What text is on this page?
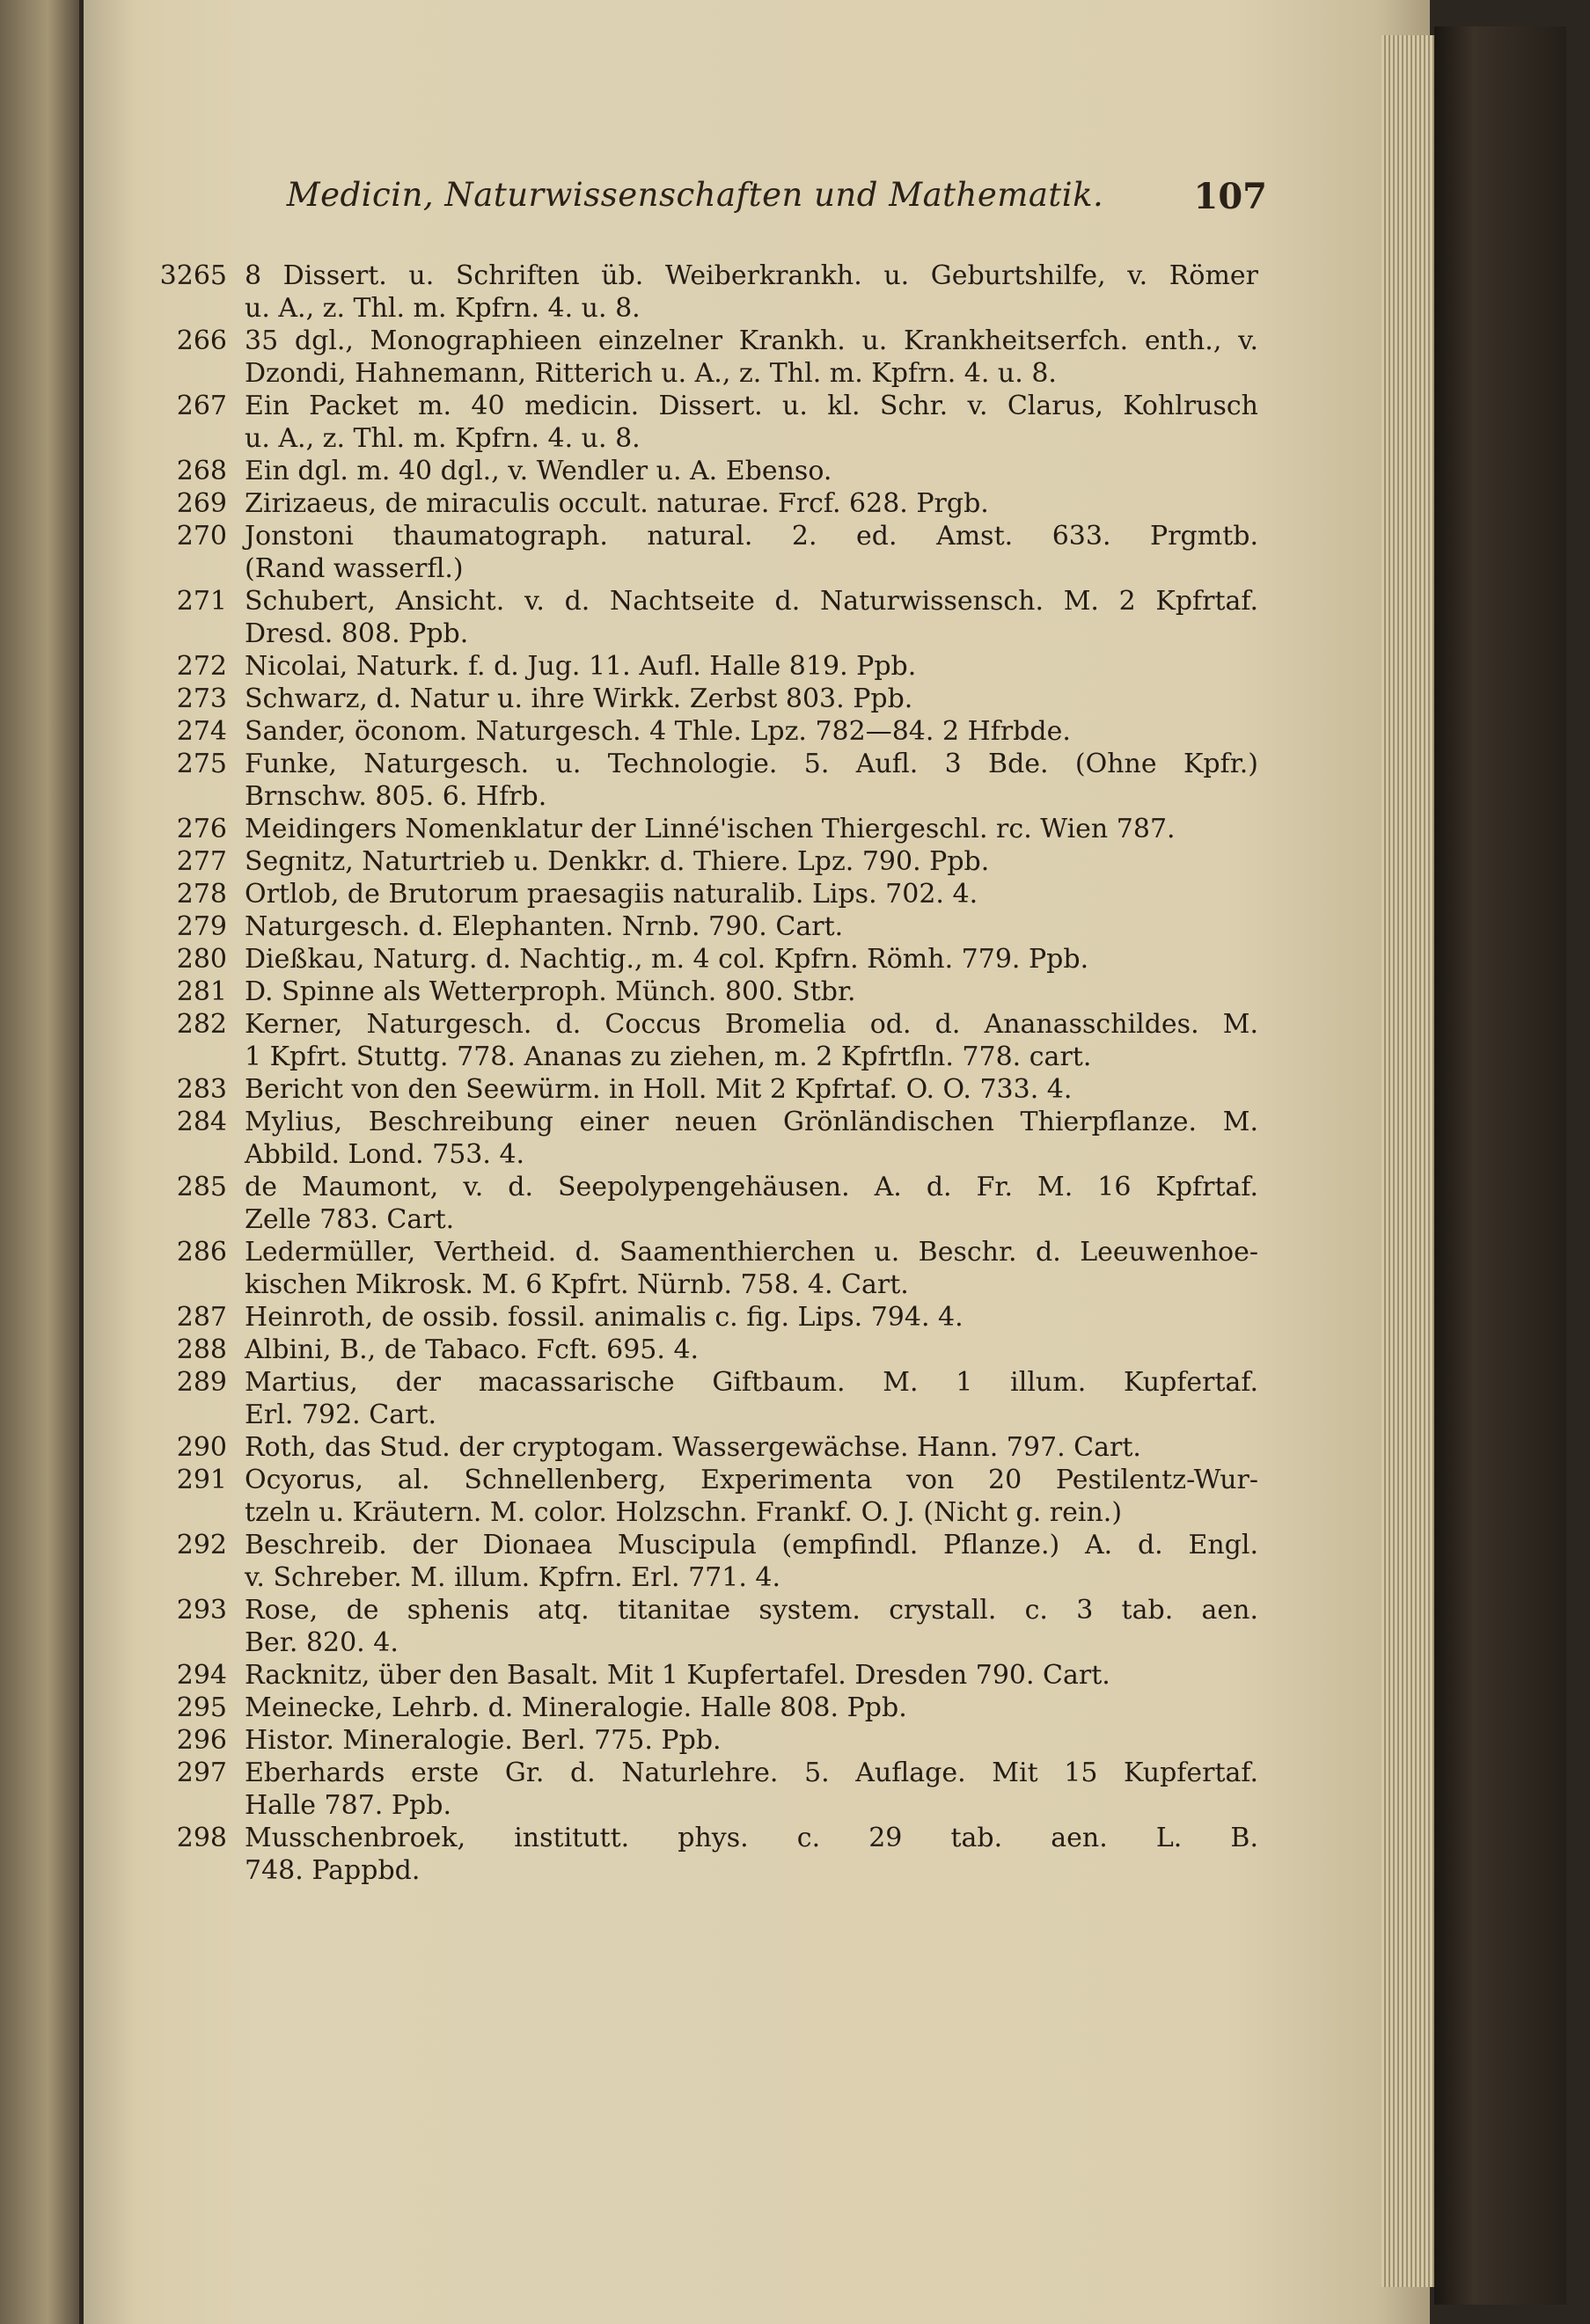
Medicin, Naturwissenschaften und Mathematik.	107
3265 8 Dissert. u. Schriften üb. Weiberkrankh. u. Geburtshilfe, v. Römer
u. A., z. Thl. m. Kpfrn. 4. u. 8.
266 35 dgl., Monographieen einzelner Krankh. u. Krankheitserfch. enth., v.
Dzondi, Hahnemann, Ritterich u. A., z. Thl. m. Kpfrn. 4. u. 8.
267 Ein Packet m. 40 medicin. Dissert. u. kl. Schr. v. Clarus, Kohlrusch
u. A., z. Thl. m. Kpfrn. 4. u. 8.
268 Ein dgl. m. 40 dgl., v. Wendler u. A. Ebenso.
269 Zirizaeus, de miraculis occult. naturae. Frcf. 628. Prgb.
270 Jonstoni thaumatograph. natural. 2. ed. Amst. 633. Prgmtb.
(Rand wasserfl.)
271 Schubert, Ansicht. v. d. Nachtseite d. Naturwissensch. M. 2 Kpfrtaf.
Dresd. 808. Ppb.
272 Nicolai, Naturk. f. d. Jug. 11. Aufl. Halle 819. Ppb.
273 Schwarz, d. Natur u. ihre Wirkk. Zerbst 803. Ppb.
274 Sander, öconom. Naturgesch. 4 Thle. Lpz. 782—84. 2 Hfrbde.
275 Funke, Naturgesch. u. Technologie. 5. Aufl. 3 Bde. (Ohne Kpfr.)
Brnschw. 805. 6. Hfrb.
276 Meidingers Nomenklatur der Linné'ischen Thiergeschl. rc. Wien 787.
277 Segnitz, Naturtrieb u. Denkkr. d. Thiere. Lpz. 790. Ppb.
278 Ortlob, de Brutorum praesagiis naturalib. Lips. 702. 4.
279 Naturgesch. d. Elephanten. Nrnb. 790. Cart.
280 Dießkau, Naturg. d. Nachtig., m. 4 col. Kpfrn. Römh. 779. Ppb.
281 D. Spinne als Wetterproph. Münch. 800. Stbr.
282 Kerner, Naturgesch. d. Coccus Bromelia od. d. Ananasschildes. M.
1 Kpfrt. Stuttg. 778. Ananas zu ziehen, m. 2 Kpfrtfln. 778. cart.
283 Bericht von den Seewürm. in Holl. Mit 2 Kpfrtaf. O. O. 733. 4.
284 Mylius, Beschreibung einer neuen Grönländischen Thierpflanze. M.
Abbild. Lond. 753. 4.
285 de Maumont, v. d. Seepolypengehäusen. A. d. Fr. M. 16 Kpfrtaf.
Zelle 783. Cart.
286 Ledermüller, Vertheid. d. Saamenthierchen u. Beschr. d. Leeuwenhoe-
kischen Mikrosk. M. 6 Kpfrt. Nürnb. 758. 4. Cart.
287 Heinroth, de ossib. fossil. animalis c. fig. Lips. 794. 4.
288 Albini, B., de Tabaco. Fcft. 695. 4.
289 Martius, der macassarische Giftbaum. M. 1 illum. Kupfertaf.
Erl. 792. Cart.
290 Roth, das Stud. der cryptogam. Wassergewächse. Hann. 797. Cart.
291 Ocyorus, al. Schnellenberg, Experimenta von 20 Pestilentz-Wur-
tzeln u. Kräutern. M. color. Holzschn. Frankf. O. J. (Nicht g. rein.)
292 Beschreib. der Dionaea Muscipula (empfindl. Pflanze.) A. d. Engl.
v. Schreber. M. illum. Kpfrn. Erl. 771. 4.
293 Rose, de sphenis atq. titanitae system. crystall. c. 3 tab. aen.
Ber. 820. 4.
294 Racknitz, über den Basalt. Mit 1 Kupfertafel. Dresden 790. Cart.
295 Meinecke, Lehrb. d. Mineralogie. Halle 808. Ppb.
296 Histor. Mineralogie. Berl. 775. Ppb.
297 Eberhards erste Gr. d. Naturlehre. 5. Auflage. Mit 15 Kupfertaf.
Halle 787. Ppb.
298 Musschenbroek, institutt. phys. c. 29 tab. aen. L. B.
748. Pappbd.
